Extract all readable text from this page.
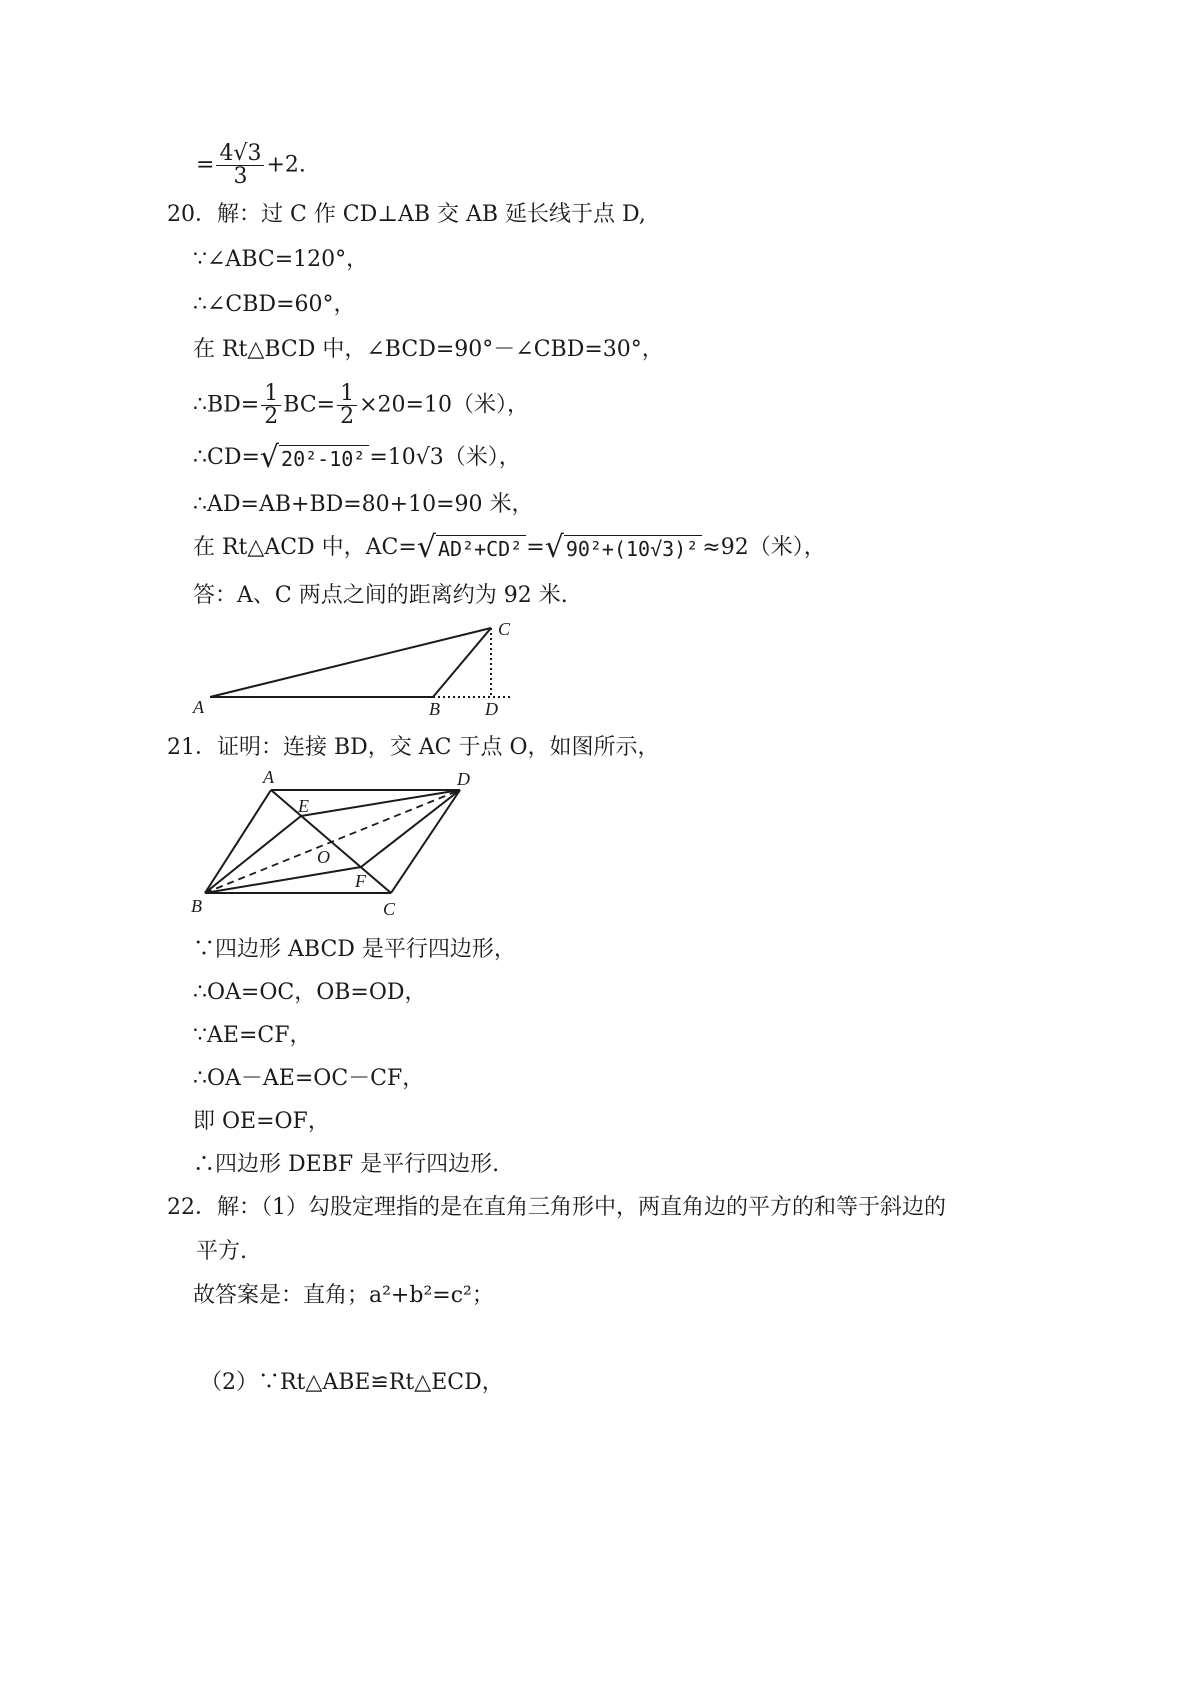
= $\frac{4√3}{3} +2$.
20．解：过 C 作 CD⊥AB 交 AB 延长线于点 D,
∵∠ABC=120°，
∴∠CBD=60°，
在 Rt△BCD 中，∠BCD=90°－∠CBD=30°，
∴BD= $\frac{1}{2} BC= \frac{1}{2} \times 20=10$（米），
∴CD=√ 20²-10² =10√3（米），
∴AD=AB+BD=80+10=90 米，
在 Rt△ACD 中，AC=√ AD²+CD² =√ 90²+(10√3)² ≈92（米），
答：A、C 两点之间的距离约为 92 米.
A	B
C
D
21．证明：连接 BD，交 AC 于点 O，如图所示，
A	D
E
O
F
B	C
∵四边形 ABCD 是平行四边形，
∴OA=OC，OB=OD，
∵AE=CF，
∴OA－AE=OC－CF，
即 OE=OF，
∴四边形 DEBF 是平行四边形.
22．解：（1）勾股定理指的是在直角三角形中，两直角边的平方的和等于斜边的
平方.
故答案是：直角；a²+b²=c²；
（2）∵Rt△ABE≌Rt△ECD，
